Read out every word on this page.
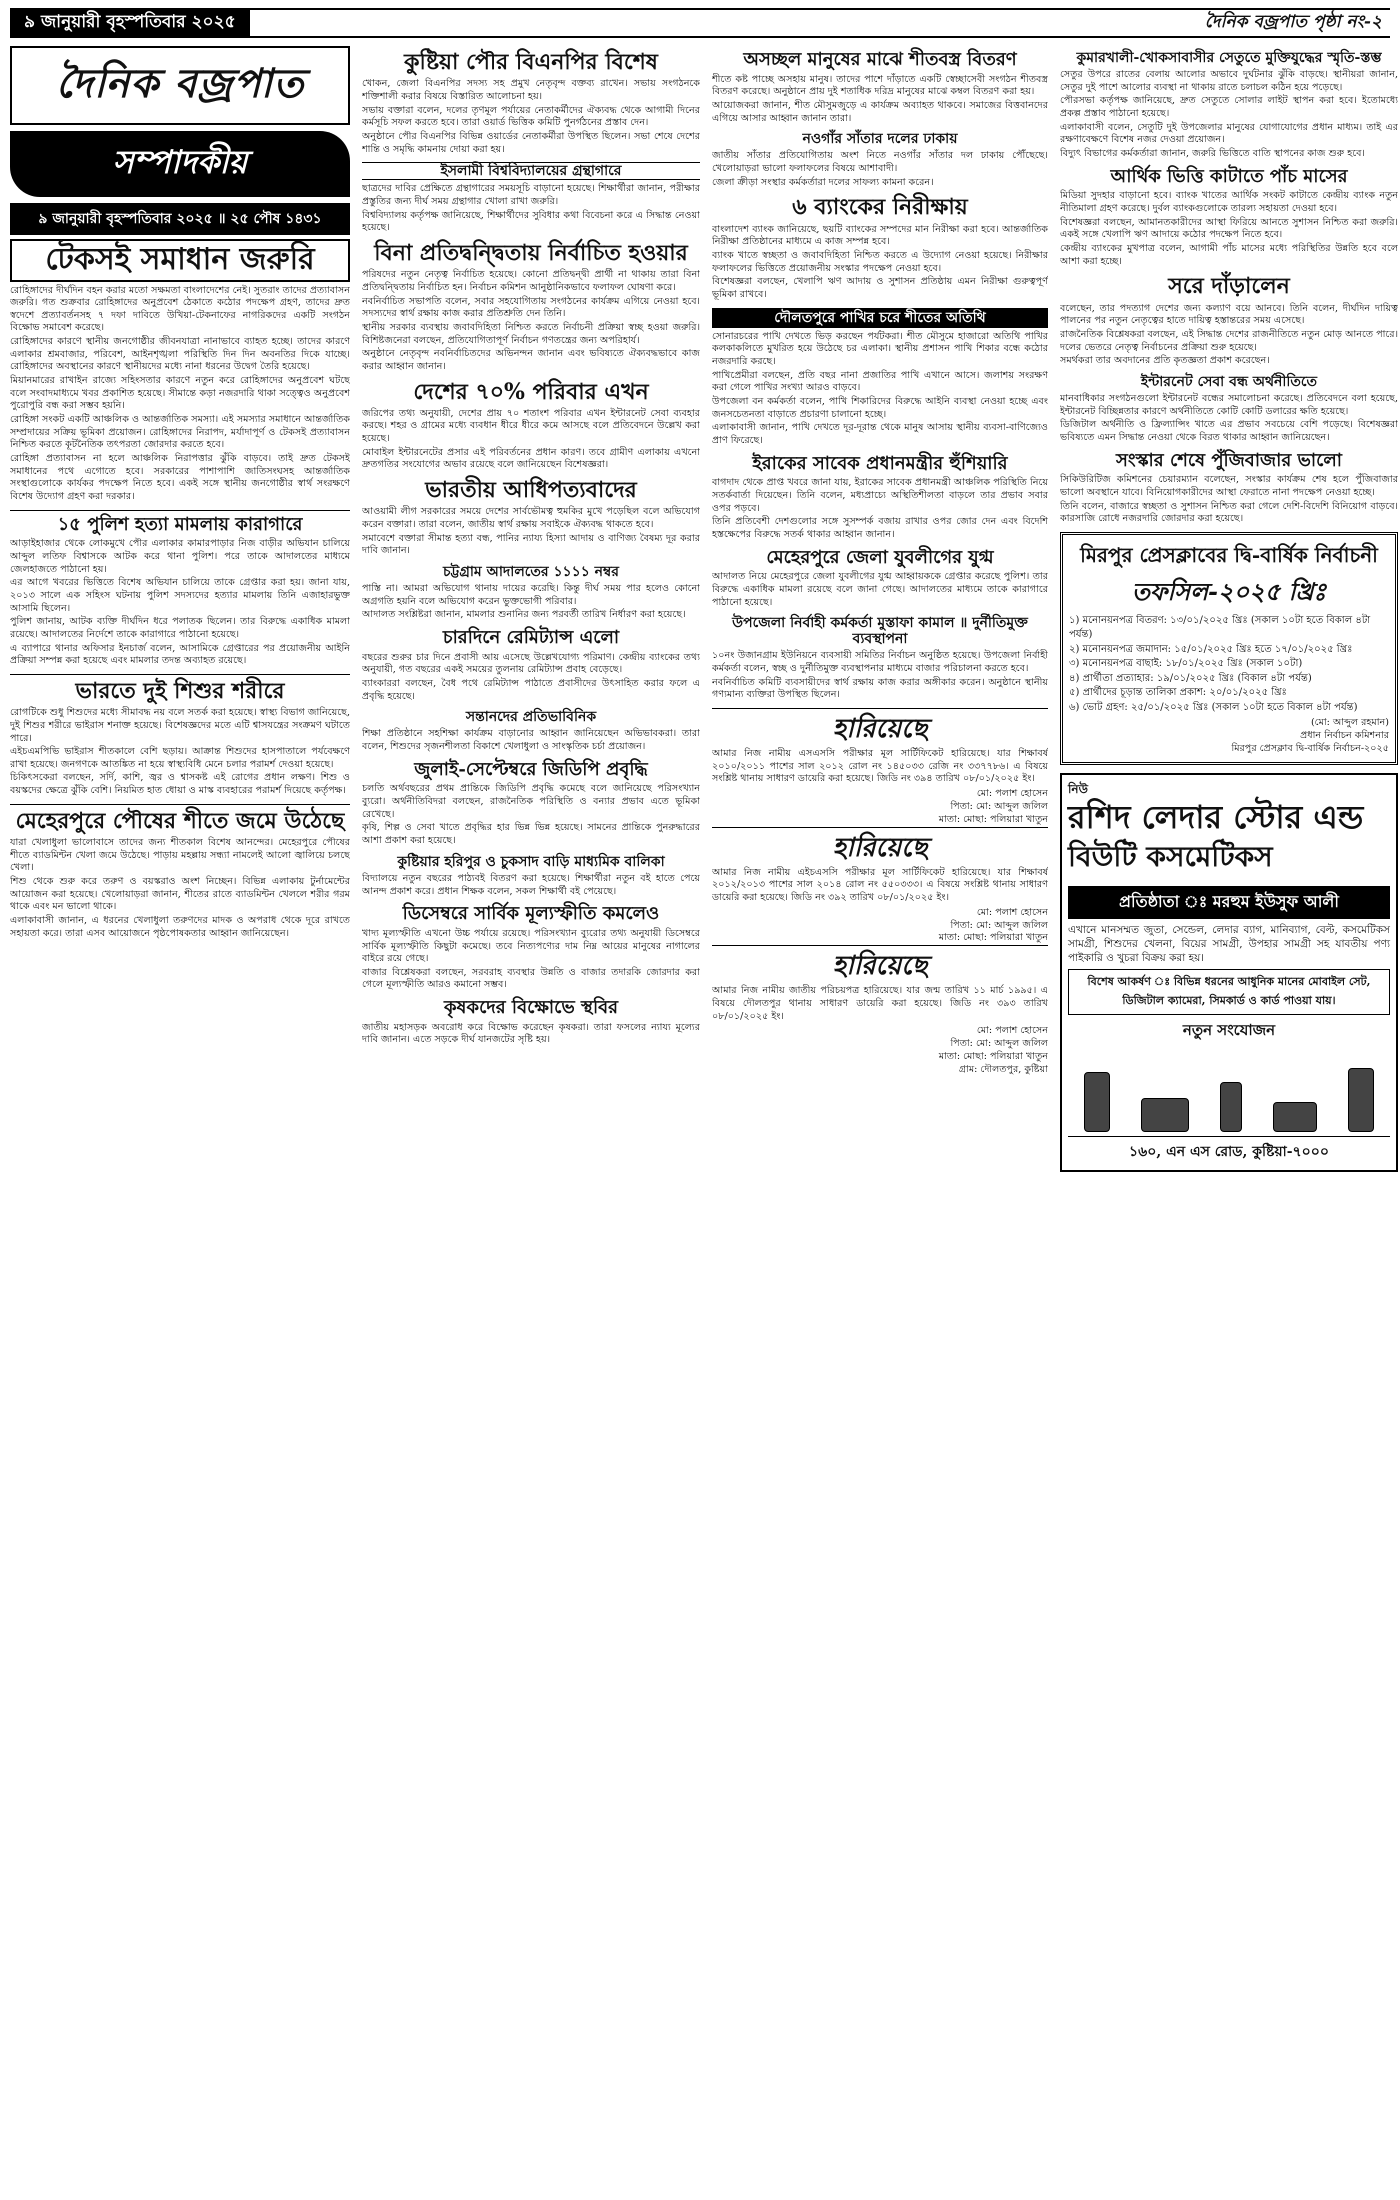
৯ জানুয়ারী বৃহস্পতিবার ২০২৫	দৈনিক বজ্রপাত পৃষ্ঠা নং-২
দৈনিক বজ্রপাত
সম্পাদকীয়
৯ জানুয়ারী বৃহস্পতিবার ২০২৫ ॥ ২৫ পৌষ ১৪৩১
টেকসই সমাধান জরুরি

রোহিঙ্গাদের দীর্ঘদিন বহন করার মতো সক্ষমতা বাংলাদেশের নেই। সুতরাং তাদের প্রত্যাবাসন জরুরি। গত শুক্রবার রোহিঙ্গাদের অনুপ্রবেশ ঠেকাতে কঠোর পদক্ষেপ গ্রহণ, তাদের দ্রুত স্বদেশে প্রত্যাবর্তনসহ ৭ দফা দাবিতে উখিয়া-টেকনাফের নাগরিকদের একটি সংগঠন বিক্ষোভ সমাবেশ করেছে।

রোহিঙ্গাদের কারণে স্থানীয় জনগোষ্ঠীর জীবনযাত্রা নানাভাবে ব্যাহত হচ্ছে। তাদের কারণে এলাকার শ্রমবাজার, পরিবেশ, আইনশৃঙ্খলা পরিস্থিতি দিন দিন অবনতির দিকে যাচ্ছে। রোহিঙ্গাদের অবস্থানের কারণে স্থানীয়দের মধ্যে নানা ধরনের উদ্বেগ তৈরি হয়েছে।

মিয়ানমারের রাখাইন রাজ্যে সহিংসতার কারণে নতুন করে রোহিঙ্গাদের অনুপ্রবেশ ঘটছে বলে সংবাদমাধ্যমে খবর প্রকাশিত হয়েছে। সীমান্তে কড়া নজরদারি থাকা সত্ত্বেও অনুপ্রবেশ পুরোপুরি বন্ধ করা সম্ভব হয়নি।

রোহিঙ্গা সংকট একটি আঞ্চলিক ও আন্তর্জাতিক সমস্যা। এই সমস্যার সমাধানে আন্তর্জাতিক সম্প্রদায়ের সক্রিয় ভূমিকা প্রয়োজন। রোহিঙ্গাদের নিরাপদ, মর্যাদাপূর্ণ ও টেকসই প্রত্যাবাসন নিশ্চিত করতে কূটনৈতিক তৎপরতা জোরদার করতে হবে।

রোহিঙ্গা প্রত্যাবাসন না হলে আঞ্চলিক নিরাপত্তার ঝুঁকি বাড়বে। তাই দ্রুত টেকসই সমাধানের পথে এগোতে হবে। সরকারের পাশাপাশি জাতিসংঘসহ আন্তর্জাতিক সংস্থাগুলোকে কার্যকর পদক্ষেপ নিতে হবে। একই সঙ্গে স্থানীয় জনগোষ্ঠীর স্বার্থ সংরক্ষণে বিশেষ উদ্যোগ গ্রহণ করা দরকার।

১৫ পুলিশ হত্যা মামলায় কারাগারে

আড়াইহাজার থেকে লোকমুখে পৌর এলাকার কামারপাড়ার নিজ বাড়ীর অভিযান চালিয়ে আব্দুল লতিফ বিশ্বাসকে আটক করে থানা পুলিশ। পরে তাকে আদালতের মাধ্যমে জেলহাজতে পাঠানো হয়।

এর আগে খবরের ভিত্তিতে বিশেষ অভিযান চালিয়ে তাকে গ্রেপ্তার করা হয়। জানা যায়, ২০১৩ সালে এক সহিংস ঘটনায় পুলিশ সদস্যদের হত্যার মামলায় তিনি এজাহারভুক্ত আসামি ছিলেন।

পুলিশ জানায়, আটক ব্যক্তি দীর্ঘদিন ধরে পলাতক ছিলেন। তার বিরুদ্ধে একাধিক মামলা রয়েছে। আদালতের নির্দেশে তাকে কারাগারে পাঠানো হয়েছে।

এ ব্যাপারে থানার অফিসার ইনচার্জ বলেন, আসামিকে গ্রেপ্তারের পর প্রয়োজনীয় আইনি প্রক্রিয়া সম্পন্ন করা হয়েছে এবং মামলার তদন্ত অব্যাহত রয়েছে।

ভারতে দুই শিশুর শরীরে

রোগটিকে শুধু শিশুদের মধ্যে সীমাবদ্ধ নয় বলে সতর্ক করা হয়েছে। স্বাস্থ্য বিভাগ জানিয়েছে, দুই শিশুর শরীরে ভাইরাস শনাক্ত হয়েছে। বিশেষজ্ঞদের মতে এটি শ্বাসযন্ত্রের সংক্রমণ ঘটাতে পারে।

এইচএমপিভি ভাইরাস শীতকালে বেশি ছড়ায়। আক্রান্ত শিশুদের হাসপাতালে পর্যবেক্ষণে রাখা হয়েছে। জনগণকে আতঙ্কিত না হয়ে স্বাস্থ্যবিধি মেনে চলার পরামর্শ দেওয়া হয়েছে।

চিকিৎসকেরা বলছেন, সর্দি, কাশি, জ্বর ও শ্বাসকষ্ট এই রোগের প্রধান লক্ষণ। শিশু ও বয়স্কদের ক্ষেত্রে ঝুঁকি বেশি। নিয়মিত হাত ধোয়া ও মাস্ক ব্যবহারের পরামর্শ দিয়েছে কর্তৃপক্ষ।

মেহেরপুরে পৌষের শীতে জমে উঠেছে

যারা খেলাধুলা ভালোবাসে তাদের জন্য শীতকাল বিশেষ আনন্দের। মেহেরপুরে পৌষের শীতে ব্যাডমিন্টন খেলা জমে উঠেছে। পাড়ায় মহল্লায় সন্ধ্যা নামলেই আলো জ্বালিয়ে চলছে খেলা।

শিশু থেকে শুরু করে তরুণ ও বয়স্করাও অংশ নিচ্ছেন। বিভিন্ন এলাকায় টুর্নামেন্টের আয়োজন করা হয়েছে। খেলোয়াড়রা জানান, শীতের রাতে ব্যাডমিন্টন খেললে শরীর গরম থাকে এবং মন ভালো থাকে।

এলাকাবাসী জানান, এ ধরনের খেলাধুলা তরুণদের মাদক ও অপরাধ থেকে দূরে রাখতে সহায়তা করে। তারা এসব আয়োজনে পৃষ্ঠপোষকতার আহ্বান জানিয়েছেন।

কুষ্টিয়া পৌর বিএনপির বিশেষ

খোকন, জেলা বিএনপির সদস্য সহ প্রমুখ নেতৃবৃন্দ বক্তব্য রাখেন। সভায় সংগঠনকে শক্তিশালী করার বিষয়ে বিস্তারিত আলোচনা হয়।

সভায় বক্তারা বলেন, দলের তৃণমূল পর্যায়ের নেতাকর্মীদের ঐক্যবদ্ধ থেকে আগামী দিনের কর্মসূচি সফল করতে হবে। তারা ওয়ার্ড ভিত্তিক কমিটি পুনর্গঠনের প্রস্তাব দেন।

অনুষ্ঠানে পৌর বিএনপির বিভিন্ন ওয়ার্ডের নেতাকর্মীরা উপস্থিত ছিলেন। সভা শেষে দেশের শান্তি ও সমৃদ্ধি কামনায় দোয়া করা হয়।

ইসলামী বিশ্ববিদ্যালয়ের গ্রন্থাগারে

ছাত্রদের দাবির প্রেক্ষিতে গ্রন্থাগারের সময়সূচি বাড়ানো হয়েছে। শিক্ষার্থীরা জানান, পরীক্ষার প্রস্তুতির জন্য দীর্ঘ সময় গ্রন্থাগার খোলা রাখা জরুরি।

বিশ্ববিদ্যালয় কর্তৃপক্ষ জানিয়েছে, শিক্ষার্থীদের সুবিধার কথা বিবেচনা করে এ সিদ্ধান্ত নেওয়া হয়েছে।

বিনা প্রতিদ্বন্দ্বিতায় নির্বাচিত হওয়ার

পরিষদের নতুন নেতৃত্ব নির্বাচিত হয়েছে। কোনো প্রতিদ্বন্দ্বী প্রার্থী না থাকায় তারা বিনা প্রতিদ্বন্দ্বিতায় নির্বাচিত হন। নির্বাচন কমিশন আনুষ্ঠানিকভাবে ফলাফল ঘোষণা করে।

নবনির্বাচিত সভাপতি বলেন, সবার সহযোগিতায় সংগঠনের কার্যক্রম এগিয়ে নেওয়া হবে। সদস্যদের স্বার্থ রক্ষায় কাজ করার প্রতিশ্রুতি দেন তিনি।

স্থানীয় সরকার ব্যবস্থায় জবাবদিহিতা নিশ্চিত করতে নির্বাচনী প্রক্রিয়া স্বচ্ছ হওয়া জরুরি। বিশিষ্টজনেরা বলছেন, প্রতিযোগিতাপূর্ণ নির্বাচন গণতন্ত্রের জন্য অপরিহার্য।

অনুষ্ঠানে নেতৃবৃন্দ নবনির্বাচিতদের অভিনন্দন জানান এবং ভবিষ্যতে ঐক্যবদ্ধভাবে কাজ করার আহ্বান জানান।

দেশের ৭০% পরিবার এখন

জরিপের তথ্য অনুযায়ী, দেশের প্রায় ৭০ শতাংশ পরিবার এখন ইন্টারনেট সেবা ব্যবহার করছে। শহর ও গ্রামের মধ্যে ব্যবধান ধীরে ধীরে কমে আসছে বলে প্রতিবেদনে উল্লেখ করা হয়েছে।

মোবাইল ইন্টারনেটের প্রসার এই পরিবর্তনের প্রধান কারণ। তবে গ্রামীণ এলাকায় এখনো দ্রুতগতির সংযোগের অভাব রয়েছে বলে জানিয়েছেন বিশেষজ্ঞরা।

ভারতীয় আধিপত্যবাদের

আওয়ামী লীগ সরকারের সময়ে দেশের সার্বভৌমত্ব হুমকির মুখে পড়েছিল বলে অভিযোগ করেন বক্তারা। তারা বলেন, জাতীয় স্বার্থ রক্ষায় সবাইকে ঐক্যবদ্ধ থাকতে হবে।

সমাবেশে বক্তারা সীমান্ত হত্যা বন্ধ, পানির ন্যায্য হিস্যা আদায় ও বাণিজ্য বৈষম্য দূর করার দাবি জানান।

চট্টগ্রাম আদালতের ১১১১ নম্বর

পাস্তি না। আমরা অভিযোগ থানায় দায়ের করেছি। কিন্তু দীর্ঘ সময় পার হলেও কোনো অগ্রগতি হয়নি বলে অভিযোগ করেন ভুক্তভোগী পরিবার।

আদালত সংশ্লিষ্টরা জানান, মামলার শুনানির জন্য পরবর্তী তারিখ নির্ধারণ করা হয়েছে।

চারদিনে রেমিট্যান্স এলো

বছরের শুরুর চার দিনে প্রবাসী আয় এসেছে উল্লেখযোগ্য পরিমাণ। কেন্দ্রীয় ব্যাংকের তথ্য অনুযায়ী, গত বছরের একই সময়ের তুলনায় রেমিট্যান্স প্রবাহ বেড়েছে।

ব্যাংকাররা বলছেন, বৈধ পথে রেমিট্যান্স পাঠাতে প্রবাসীদের উৎসাহিত করার ফলে এ প্রবৃদ্ধি হয়েছে।

সন্তানদের প্রতিভাবিনিক

শিক্ষা প্রতিষ্ঠানে সহশিক্ষা কার্যক্রম বাড়ানোর আহ্বান জানিয়েছেন অভিভাবকরা। তারা বলেন, শিশুদের সৃজনশীলতা বিকাশে খেলাধুলা ও সাংস্কৃতিক চর্চা প্রয়োজন।

জুলাই-সেপ্টেম্বরে জিডিপি প্রবৃদ্ধি

চলতি অর্থবছরের প্রথম প্রান্তিকে জিডিপি প্রবৃদ্ধি কমেছে বলে জানিয়েছে পরিসংখ্যান ব্যুরো। অর্থনীতিবিদরা বলছেন, রাজনৈতিক পরিস্থিতি ও বন্যার প্রভাব এতে ভূমিকা রেখেছে।

কৃষি, শিল্প ও সেবা খাতে প্রবৃদ্ধির হার ভিন্ন ভিন্ন হয়েছে। সামনের প্রান্তিকে পুনরুদ্ধারের আশা প্রকাশ করা হয়েছে।

কুষ্টিয়ার হরিপুর ও চুকসাদ বাড়ি মাধ্যমিক বালিকা

বিদ্যালয়ে নতুন বছরের পাঠ্যবই বিতরণ করা হয়েছে। শিক্ষার্থীরা নতুন বই হাতে পেয়ে আনন্দ প্রকাশ করে। প্রধান শিক্ষক বলেন, সকল শিক্ষার্থী বই পেয়েছে।

ডিসেম্বরে সার্বিক মূল্যস্ফীতি কমলেও

খাদ্য মূল্যস্ফীতি এখনো উচ্চ পর্যায়ে রয়েছে। পরিসংখ্যান ব্যুরোর তথ্য অনুযায়ী ডিসেম্বরে সার্বিক মূল্যস্ফীতি কিছুটা কমেছে। তবে নিত্যপণ্যের দাম নিম্ন আয়ের মানুষের নাগালের বাইরে রয়ে গেছে।

বাজার বিশ্লেষকরা বলছেন, সরবরাহ ব্যবস্থার উন্নতি ও বাজার তদারকি জোরদার করা গেলে মূল্যস্ফীতি আরও কমানো সম্ভব।

কৃষকদের বিক্ষোভে স্থবির

জাতীয় মহাসড়ক অবরোধ করে বিক্ষোভ করেছেন কৃষকরা। তারা ফসলের ন্যায্য মূল্যের দাবি জানান। এতে সড়কে দীর্ঘ যানজটের সৃষ্টি হয়।

অসচ্ছল মানুষের মাঝে শীতবস্ত্র বিতরণ

শীতে কষ্ট পাচ্ছে অসহায় মানুষ। তাদের পাশে দাঁড়াতে একটি স্বেচ্ছাসেবী সংগঠন শীতবস্ত্র বিতরণ করেছে। অনুষ্ঠানে প্রায় দুই শতাধিক দরিদ্র মানুষের মাঝে কম্বল বিতরণ করা হয়।

আয়োজকরা জানান, শীত মৌসুমজুড়ে এ কার্যক্রম অব্যাহত থাকবে। সমাজের বিত্তবানদের এগিয়ে আসার আহ্বান জানান তারা।

নওগাঁর সাঁতার দলের ঢাকায়

জাতীয় সাঁতার প্রতিযোগিতায় অংশ নিতে নওগাঁর সাঁতার দল ঢাকায় পৌঁছেছে। খেলোয়াড়রা ভালো ফলাফলের বিষয়ে আশাবাদী।

জেলা ক্রীড়া সংস্থার কর্মকর্তারা দলের সাফল্য কামনা করেন।

৬ ব্যাংকের নিরীক্ষায়

বাংলাদেশ ব্যাংক জানিয়েছে, ছয়টি ব্যাংকের সম্পদের মান নিরীক্ষা করা হবে। আন্তর্জাতিক নিরীক্ষা প্রতিষ্ঠানের মাধ্যমে এ কাজ সম্পন্ন হবে।

ব্যাংক খাতে স্বচ্ছতা ও জবাবদিহিতা নিশ্চিত করতে এ উদ্যোগ নেওয়া হয়েছে। নিরীক্ষার ফলাফলের ভিত্তিতে প্রয়োজনীয় সংস্কার পদক্ষেপ নেওয়া হবে।

বিশেষজ্ঞরা বলছেন, খেলাপি ঋণ আদায় ও সুশাসন প্রতিষ্ঠায় এমন নিরীক্ষা গুরুত্বপূর্ণ ভূমিকা রাখবে।

দৌলতপুরে পাখির চরে শীতের অতিথি

সোনারচরের পাখি দেখতে ভিড় করছেন পর্যটকরা। শীত মৌসুমে হাজারো অতিথি পাখির কলকাকলিতে মুখরিত হয়ে উঠেছে চর এলাকা। স্থানীয় প্রশাসন পাখি শিকার বন্ধে কঠোর নজরদারি করছে।

পাখিপ্রেমীরা বলছেন, প্রতি বছর নানা প্রজাতির পাখি এখানে আসে। জলাশয় সংরক্ষণ করা গেলে পাখির সংখ্যা আরও বাড়বে।

উপজেলা বন কর্মকর্তা বলেন, পাখি শিকারিদের বিরুদ্ধে আইনি ব্যবস্থা নেওয়া হচ্ছে এবং জনসচেতনতা বাড়াতে প্রচারণা চালানো হচ্ছে।

এলাকাবাসী জানান, পাখি দেখতে দূর-দূরান্ত থেকে মানুষ আসায় স্থানীয় ব্যবসা-বাণিজ্যেও প্রাণ ফিরেছে।

ইরাকের সাবেক প্রধানমন্ত্রীর হুঁশিয়ারি

বাগদাদ থেকে প্রাপ্ত খবরে জানা যায়, ইরাকের সাবেক প্রধানমন্ত্রী আঞ্চলিক পরিস্থিতি নিয়ে সতর্কবার্তা দিয়েছেন। তিনি বলেন, মধ্যপ্রাচ্যে অস্থিতিশীলতা বাড়লে তার প্রভাব সবার ওপর পড়বে।

তিনি প্রতিবেশী দেশগুলোর সঙ্গে সুসম্পর্ক বজায় রাখার ওপর জোর দেন এবং বিদেশি হস্তক্ষেপের বিরুদ্ধে সতর্ক থাকার আহ্বান জানান।

মেহেরপুরে জেলা যুবলীগের যুগ্ম

আদালত নিয়ে মেহেরপুরে জেলা যুবলীগের যুগ্ম আহ্বায়ককে গ্রেপ্তার করেছে পুলিশ। তার বিরুদ্ধে একাধিক মামলা রয়েছে বলে জানা গেছে। আদালতের মাধ্যমে তাকে কারাগারে পাঠানো হয়েছে।

উপজেলা নির্বাহী কর্মকর্তা মুস্তাফা কামাল ॥ দুর্নীতিমুক্ত ব্যবস্থাপনা

১০নং উজানগ্রাম ইউনিয়নে ব্যবসায়ী সমিতির নির্বাচন অনুষ্ঠিত হয়েছে। উপজেলা নির্বাহী কর্মকর্তা বলেন, স্বচ্ছ ও দুর্নীতিমুক্ত ব্যবস্থাপনার মাধ্যমে বাজার পরিচালনা করতে হবে।

নবনির্বাচিত কমিটি ব্যবসায়ীদের স্বার্থ রক্ষায় কাজ করার অঙ্গীকার করেন। অনুষ্ঠানে স্থানীয় গণ্যমান্য ব্যক্তিরা উপস্থিত ছিলেন।

হারিয়েছে
আমার নিজ নামীয় এসএসসি পরীক্ষার মূল সার্টিফিকেট হারিয়েছে। যার শিক্ষাবর্ষ ২০১০/২০১১ পাশের সাল ২০১২ রোল নং ১৪৫০৩৩ রেজি নং ৩৩৭৭৮৬। এ বিষয়ে সংশ্লিষ্ট থানায় সাধারণ ডায়েরি করা হয়েছে। জিডি নং ৩৯৪ তারিখ ০৮/০১/২০২৫ ইং।
মো: পলাশ হোসেন
পিতা: মো: আব্দুল জলিল
মাতা: মোছা: পলিয়ারা খাতুন
হারিয়েছে
আমার নিজ নামীয় এইচএসসি পরীক্ষার মূল সার্টিফিকেট হারিয়েছে। যার শিক্ষাবর্ষ ২০১২/২০১৩ পাশের সাল ২০১৪ রোল নং ৫৫০৩৩৩। এ বিষয়ে সংশ্লিষ্ট থানায় সাধারণ ডায়েরি করা হয়েছে। জিডি নং ৩৯২ তারিখ ০৮/০১/২০২৫ ইং।
মো: পলাশ হোসেন
পিতা: মো: আব্দুল জলিল
মাতা: মোছা: পলিয়ারা খাতুন
হারিয়েছে
আমার নিজ নামীয় জাতীয় পরিচয়পত্র হারিয়েছে। যার জন্ম তারিখ ১১ মার্চ ১৯৯৫। এ বিষয়ে দৌলতপুর থানায় সাধারণ ডায়েরি করা হয়েছে। জিডি নং ৩৯৩ তারিখ ০৮/০১/২০২৫ ইং।
মো: পলাশ হোসেন
পিতা: মো: আব্দুল জলিল
মাতা: মোছা: পলিয়ারা খাতুন
গ্রাম: দৌলতপুর, কুষ্টিয়া
কুমারখালী-খোকসাবাসীর সেতুতে মুক্তিযুদ্ধের স্মৃতি-স্তম্ভ

সেতুর উপরে রাতের বেলায় আলোর অভাবে দুর্ঘটনার ঝুঁকি বাড়ছে। স্থানীয়রা জানান, সেতুর দুই পাশে আলোর ব্যবস্থা না থাকায় রাতে চলাচল কঠিন হয়ে পড়েছে।

পৌরসভা কর্তৃপক্ষ জানিয়েছে, দ্রুত সেতুতে সোলার লাইট স্থাপন করা হবে। ইতোমধ্যে প্রকল্প প্রস্তাব পাঠানো হয়েছে।

এলাকাবাসী বলেন, সেতুটি দুই উপজেলার মানুষের যোগাযোগের প্রধান মাধ্যম। তাই এর রক্ষণাবেক্ষণে বিশেষ নজর দেওয়া প্রয়োজন।

বিদ্যুৎ বিভাগের কর্মকর্তারা জানান, জরুরি ভিত্তিতে বাতি স্থাপনের কাজ শুরু হবে।

আর্থিক ভিত্তি কাটাতে পাঁচ মাসের

মিডিয়া সুদহার বাড়ানো হবে। ব্যাংক খাতের আর্থিক সংকট কাটাতে কেন্দ্রীয় ব্যাংক নতুন নীতিমালা গ্রহণ করেছে। দুর্বল ব্যাংকগুলোকে তারল্য সহায়তা দেওয়া হবে।

বিশেষজ্ঞরা বলছেন, আমানতকারীদের আস্থা ফিরিয়ে আনতে সুশাসন নিশ্চিত করা জরুরি। একই সঙ্গে খেলাপি ঋণ আদায়ে কঠোর পদক্ষেপ নিতে হবে।

কেন্দ্রীয় ব্যাংকের মুখপাত্র বলেন, আগামী পাঁচ মাসের মধ্যে পরিস্থিতির উন্নতি হবে বলে আশা করা হচ্ছে।

সরে দাঁড়ালেন

বলেছেন, তার পদত্যাগ দেশের জন্য কল্যাণ বয়ে আনবে। তিনি বলেন, দীর্ঘদিন দায়িত্ব পালনের পর নতুন নেতৃত্বের হাতে দায়িত্ব হস্তান্তরের সময় এসেছে।

রাজনৈতিক বিশ্লেষকরা বলছেন, এই সিদ্ধান্ত দেশের রাজনীতিতে নতুন মোড় আনতে পারে। দলের ভেতরে নেতৃত্ব নির্বাচনের প্রক্রিয়া শুরু হয়েছে।

সমর্থকরা তার অবদানের প্রতি কৃতজ্ঞতা প্রকাশ করেছেন।

ইন্টারনেট সেবা বন্ধ অর্থনীতিতে

মানবাধিকার সংগঠনগুলো ইন্টারনেট বন্ধের সমালোচনা করেছে। প্রতিবেদনে বলা হয়েছে, ইন্টারনেট বিচ্ছিন্নতার কারণে অর্থনীতিতে কোটি কোটি ডলারের ক্ষতি হয়েছে।

ডিজিটাল অর্থনীতি ও ফ্রিল্যান্সিং খাতে এর প্রভাব সবচেয়ে বেশি পড়েছে। বিশেষজ্ঞরা ভবিষ্যতে এমন সিদ্ধান্ত নেওয়া থেকে বিরত থাকার আহ্বান জানিয়েছেন।

সংস্কার শেষে পুঁজিবাজার ভালো

সিকিউরিটিজ কমিশনের চেয়ারম্যান বলেছেন, সংস্কার কার্যক্রম শেষ হলে পুঁজিবাজার ভালো অবস্থানে যাবে। বিনিয়োগকারীদের আস্থা ফেরাতে নানা পদক্ষেপ নেওয়া হচ্ছে।

তিনি বলেন, বাজারে স্বচ্ছতা ও সুশাসন নিশ্চিত করা গেলে দেশি-বিদেশি বিনিয়োগ বাড়বে। কারসাজি রোধে নজরদারি জোরদার করা হয়েছে।

মিরপুর প্রেসক্লাবের দ্বি-বার্ষিক নির্বাচনী
তফসিল-২০২৫ খ্রিঃ
১) মনোনয়নপত্র বিতরণ: ১৩/০১/২০২৫ খ্রিঃ (সকাল ১০টা হতে বিকাল ৪টা পর্যন্ত)
২) মনোনয়নপত্র জমাদান: ১৫/০১/২০২৫ খ্রিঃ হতে ১৭/০১/২০২৫ খ্রিঃ
৩) মনোনয়নপত্র বাছাই: ১৮/০১/২০২৫ খ্রিঃ (সকাল ১০টা)
৪) প্রার্থীতা প্রত্যাহার: ১৯/০১/২০২৫ খ্রিঃ (বিকাল ৪টা পর্যন্ত)
৫) প্রার্থীদের চূড়ান্ত তালিকা প্রকাশ: ২০/০১/২০২৫ খ্রিঃ
৬) ভোট গ্রহণ: ২৫/০১/২০২৫ খ্রিঃ (সকাল ১০টা হতে বিকাল ৪টা পর্যন্ত)
(মো: আব্দুল রহমান)
প্রধান নির্বাচন কমিশনার
মিরপুর প্রেসক্লাব দ্বি-বার্ষিক নির্বাচন-২০২৫
নিউ
রশিদ লেদার স্টোর এন্ড
বিউটি কসমেটিকস
প্রতিষ্ঠাতা ঃ মরহুম ইউসুফ আলী
এখানে মানসম্মত জুতা, সেন্ডেল, লেদার ব্যাগ, মানিব্যাগ, বেল্ট, কসমেটিকস সামগ্রী, শিশুদের খেলনা, বিয়ের সামগ্রী, উপহার সামগ্রী সহ যাবতীয় পণ্য পাইকারি ও খুচরা বিক্রয় করা হয়।
বিশেষ আকর্ষণ ঃ বিভিন্ন ধরনের আধুনিক মানের মোবাইল সেট, ডিজিটাল ক্যামেরা, সিমকার্ড ও কার্ড পাওয়া যায়।
নতুন সংযোজন
১৬০, এন এস রোড, কুষ্টিয়া-৭০০০
